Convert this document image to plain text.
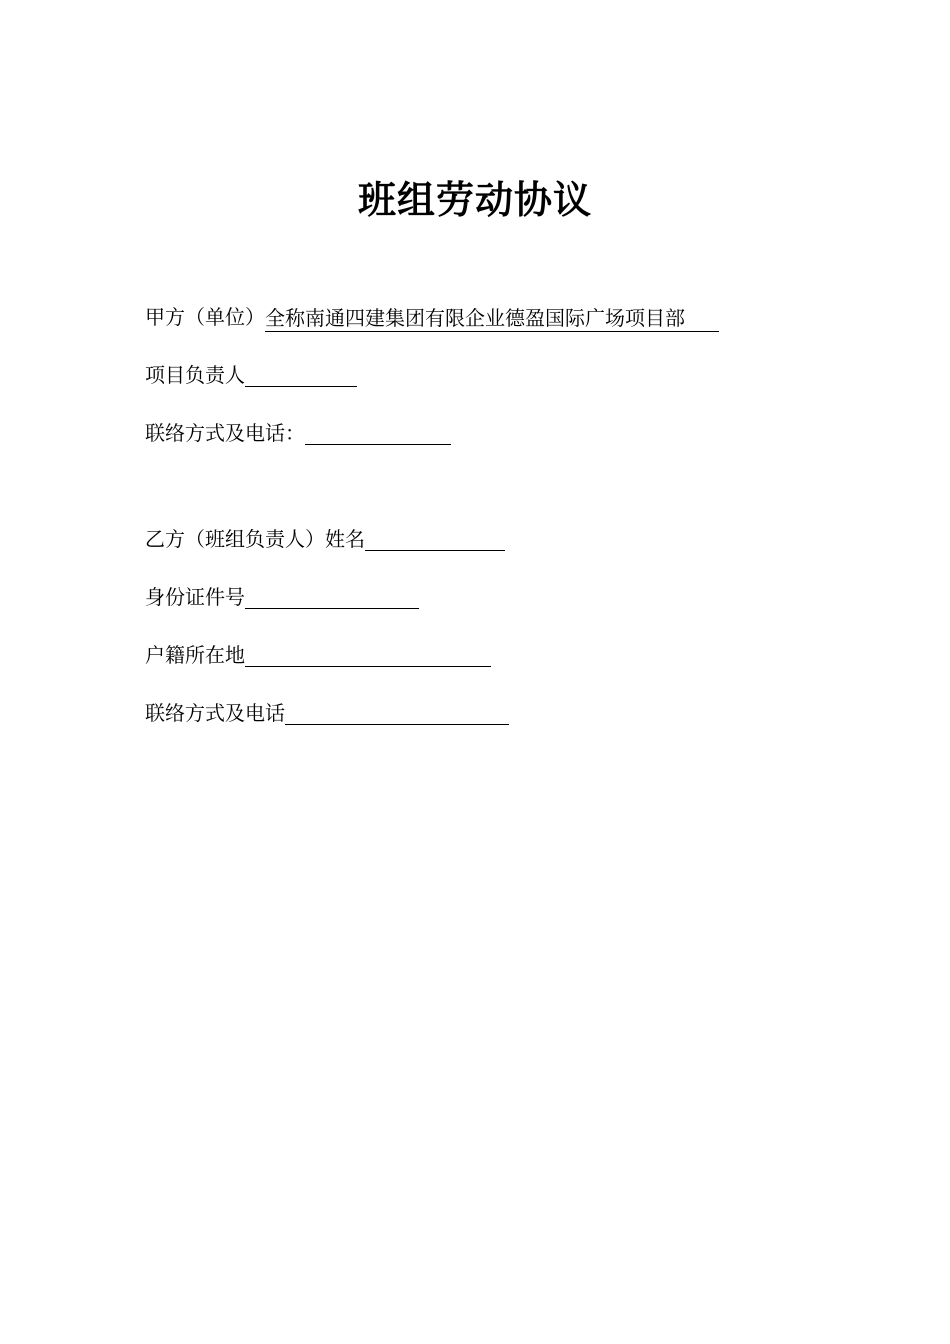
班组劳动协议
甲方（单位） 全称南通四建集团有限企业德盈国际广场项目部
项目负责人
联络方式及电话：
乙方（班组负责人）姓名
身份证件号
户籍所在地
联络方式及电话
